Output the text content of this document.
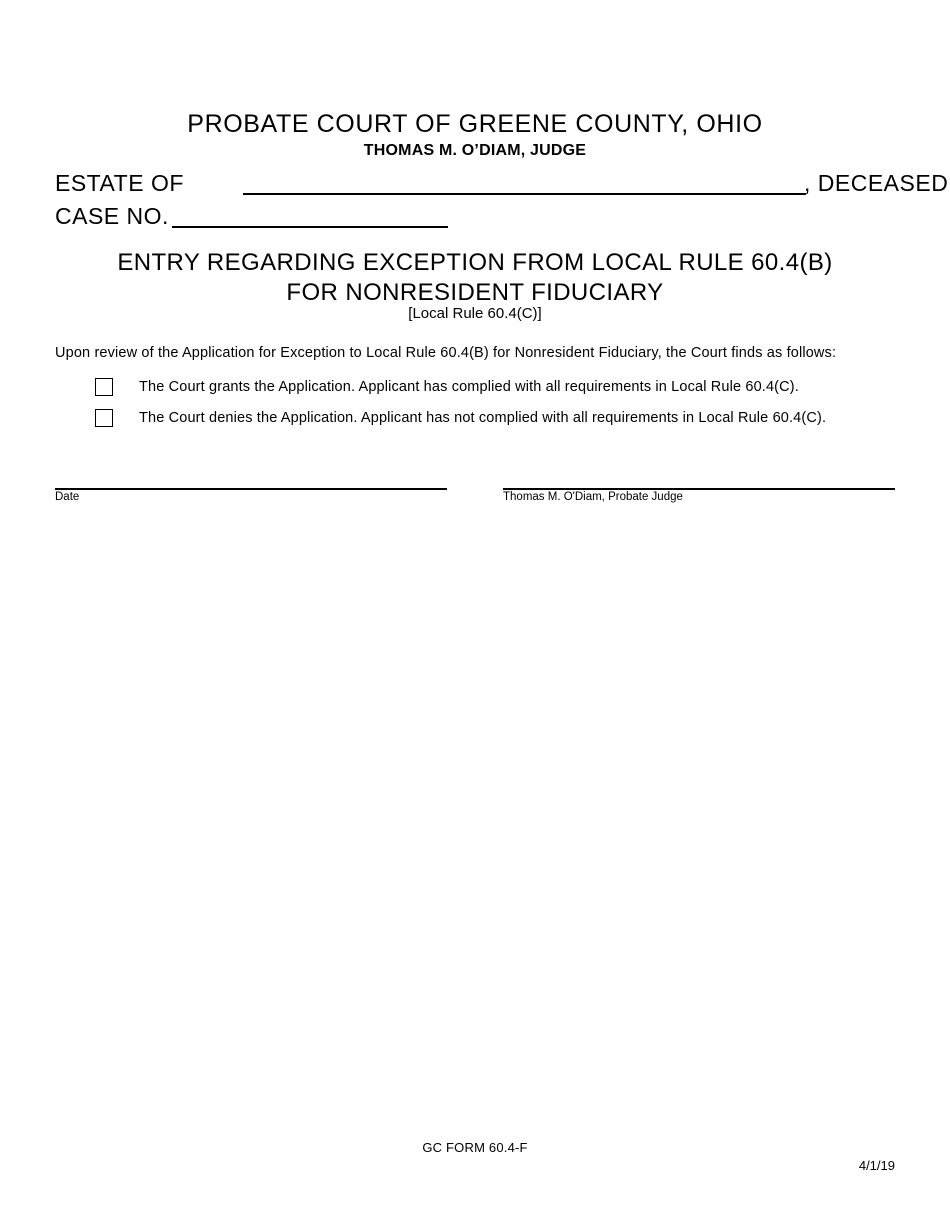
PROBATE COURT OF GREENE COUNTY, OHIO
THOMAS M. O’DIAM, JUDGE
ESTATE OF	, DECEASED
CASE NO.
ENTRY REGARDING EXCEPTION FROM LOCAL RULE 60.4(B)
FOR NONRESIDENT FIDUCIARY
[Local Rule 60.4(C)]
Upon review of the Application for Exception to Local Rule 60.4(B) for Nonresident Fiduciary, the Court finds as follows:
The Court grants the Application. Applicant has complied with all requirements in Local Rule 60.4(C).
The Court denies the Application. Applicant has not complied with all requirements in Local Rule 60.4(C).
Date	Thomas M. O'Diam, Probate Judge
GC FORM 60.4-F
4/1/19
